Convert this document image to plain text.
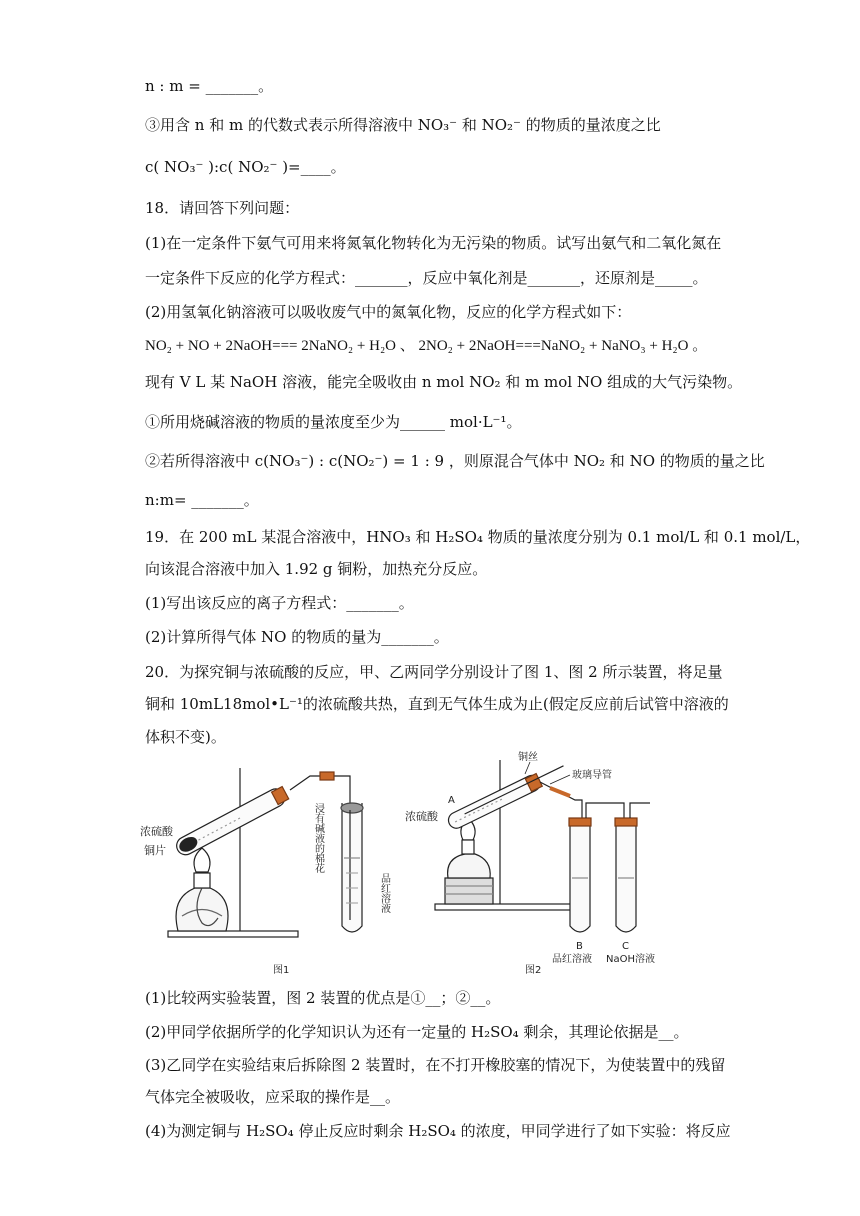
n : m = _______。
③用含 n 和 m 的代数式表示所得溶液中 NO₃⁻ 和 NO₂⁻ 的物质的量浓度之比
c( NO₃⁻ ):c( NO₂⁻ )=____。
18．请回答下列问题：
(1)在一定条件下氨气可用来将氮氧化物转化为无污染的物质。试写出氨气和二氧化氮在
一定条件下反应的化学方程式：_______，反应中氧化剂是_______，还原剂是_____。
(2)用氢氧化钠溶液可以吸收废气中的氮氧化物，反应的化学方程式如下：
NO₂ + NO + 2NaOH=== 2NaNO₂ + H₂O 、 2NO₂ + 2NaOH===NaNO₂ + NaNO₃ + H₂O 。
现有 V L 某 NaOH 溶液，能完全吸收由 n mol NO₂ 和 m mol NO 组成的大气污染物。
①所用烧碱溶液的物质的量浓度至少为______ mol·L⁻¹。
②若所得溶液中 c(NO₃⁻) : c(NO₂⁻) = 1 : 9 ，则原混合气体中 NO₂ 和 NO 的物质的量之比
n:m= _______。
19．在 200 mL 某混合溶液中，HNO₃ 和 H₂SO₄ 物质的量浓度分别为 0.1 mol/L 和 0.1 mol/L，
向该混合溶液中加入 1.92 g 铜粉，加热充分反应。
(1)写出该反应的离子方程式：_______。
(2)计算所得气体 NO 的物质的量为_______。
20．为探究铜与浓硫酸的反应，甲、乙两同学分别设计了图 1、图 2 所示装置，将足量
铜和 10mL18mol•L⁻¹的浓硫酸共热，直到无气体生成为止(假定反应前后试管中溶液的
体积不变)。
浓硫酸
铜片	浸有碱液的棉花
品红溶液
图1
铜丝
玻璃导管
A
浓硫酸
B
品红溶液
C
NaOH溶液
图2
(1)比较两实验装置，图 2 装置的优点是①__；②__。
(2)甲同学依据所学的化学知识认为还有一定量的 H₂SO₄ 剩余，其理论依据是__。
(3)乙同学在实验结束后拆除图 2 装置时，在不打开橡胶塞的情况下，为使装置中的残留
气体完全被吸收，应采取的操作是__。
(4)为测定铜与 H₂SO₄ 停止反应时剩余 H₂SO₄ 的浓度，甲同学进行了如下实验：将反应
